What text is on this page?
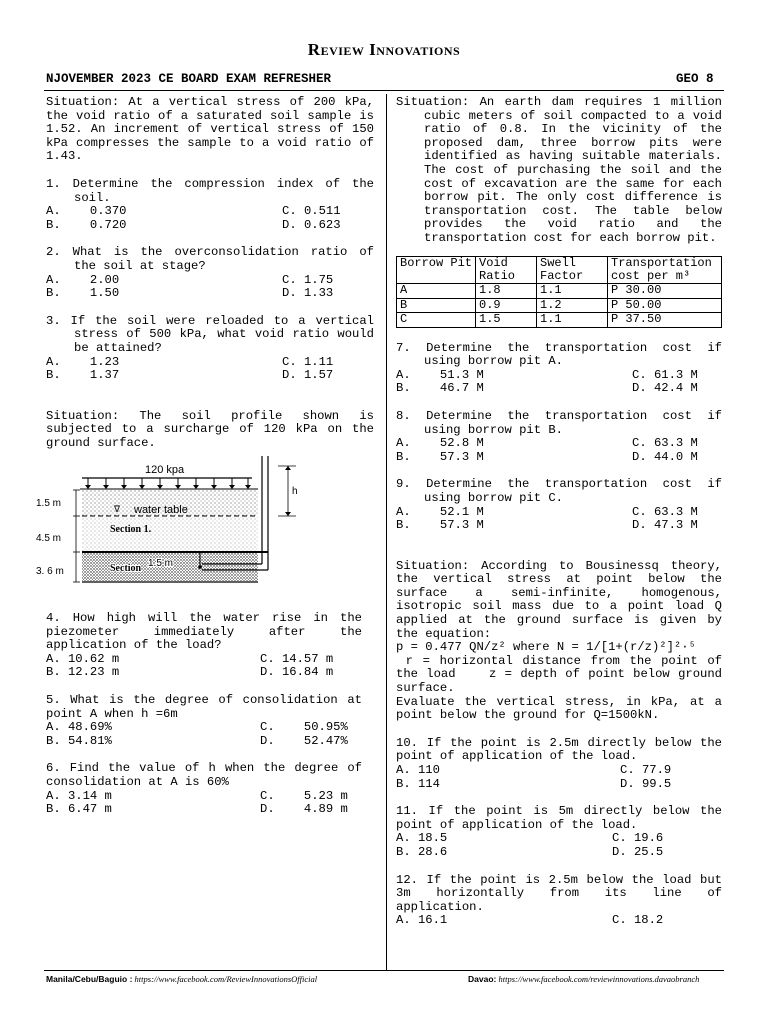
Review Innovations
NJOVEMBER 2023 CE BOARD EXAM REFRESHER	GEO 8

Situation: At a vertical stress of 200 kPa, the void ratio of a saturated soil sample is 1.52. An increment of vertical stress of 150 kPa compresses the sample to a void ratio of 1.43.

1. Determine the compression index of the soil.

A.    0.370	C. 0.511
B.    0.720	D. 0.623

2. What is the overconsolidation ratio of the soil at stage?

A.    2.00	C. 1.75
B.    1.50	D. 1.33

3. If the soil were reloaded to a vertical stress of 500 kPa, what void ratio would be attained?

A.    1.23	C. 1.11
B.    1.37	D. 1.57

Situation: The soil profile shown is subjected to a surcharge of 120 kPa on the ground surface.

120 kpa
∇ water table
Section 1.
Section 1.5 m
1.5 m
4.5 m
3. 6 m
h

4. How high will the water rise in the piezometer immediately after the application of the load?

A. 10.62 m	C. 14.57 m
B. 12.23 m	D. 16.84 m

5. What is the degree of consolidation at point A when h =6m

A. 48.69%	C.    50.95%
B. 54.81%	D.    52.47%

6. Find the value of h when the degree of consolidation at A is 60%

A. 3.14 m	C.    5.23 m
B. 6.47 m	D.    4.89 m

Situation: An earth dam requires 1 million cubic meters of soil compacted to a void ratio of 0.8. In the vicinity of the proposed dam, three borrow pits were identified as having suitable materials. The cost of purchasing the soil and the cost of excavation are the same for each borrow pit. The only cost difference is transportation cost. The table below provides the void ratio and the transportation cost for each borrow pit.

Borrow Pit	Void Ratio	Swell Factor	Transportation cost per m³
A	1.8	1.1	P 30.00
B	0.9	1.2	P 50.00
C	1.5	1.1	P 37.50

7. Determine the transportation cost if using borrow pit A.

A.    51.3 M	C. 61.3 M
B.    46.7 M	D. 42.4 M

8. Determine the transportation cost if using borrow pit B.

A.    52.8 M	C. 63.3 M
B.    57.3 M	D. 44.0 M

9. Determine the transportation cost if using borrow pit C.

A.    52.1 M	C. 63.3 M
B.    57.3 M	D. 47.3 M

Situation: According to Bousinessq theory, the vertical stress at point below the surface a semi-infinite, homogenous, isotropic soil mass due to a point load Q applied at the ground surface is given by the equation:

p = 0.477 QN/z² where N = 1/[1+(r/z)²]²·⁵

r = horizontal distance from the point of the load    z = depth of point below ground surface.

Evaluate the vertical stress, in kPa, at a point below the ground for Q=1500kN.

10. If the point is 2.5m directly below the point of application of the load.

A. 110	C. 77.9
B. 114	D. 99.5

11. If the point is 5m directly below the point of application of the load.

A. 18.5	C. 19.6
B. 28.6	D. 25.5

12. If the point is 2.5m below the load but 3m horizontally from its line of application.

A. 16.1	C. 18.2
Manila/Cebu/Baguio : https://www.facebook.com/ReviewInnovationsOfficial	Davao: https://www.facebook.com/reviewinnovations.davaobranch
